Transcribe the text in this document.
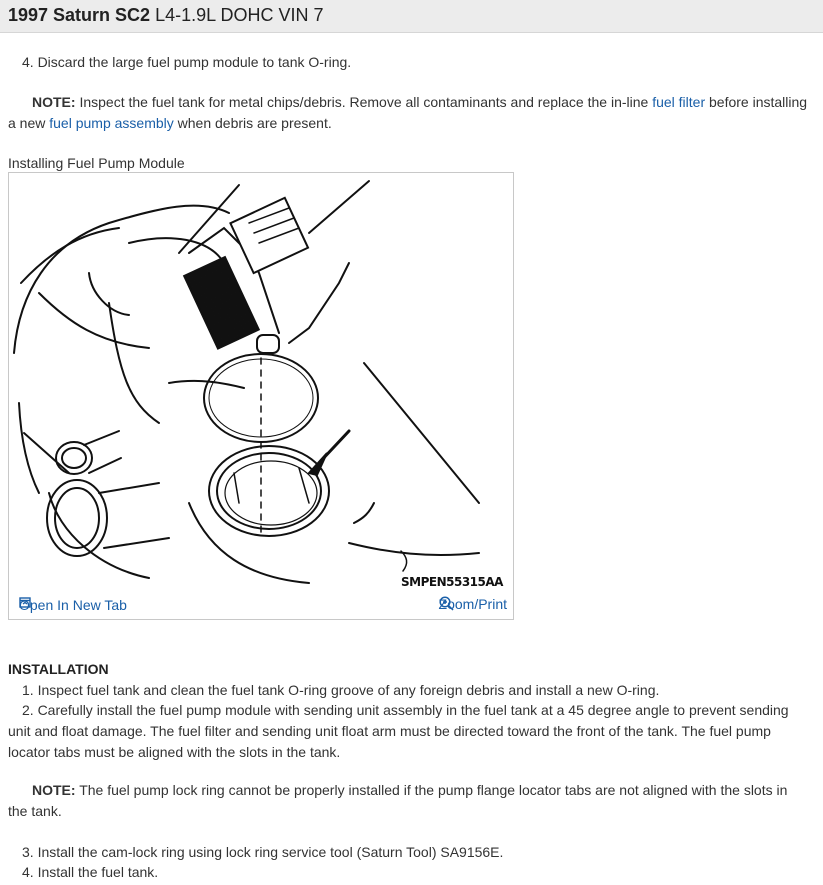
1997 Saturn SC2 L4-1.9L DOHC VIN 7

4. Discard the large fuel pump module to tank O-ring.

NOTE: Inspect the fuel tank for metal chips/debris. Remove all contaminants and replace the in-line fuel filter before installing a new fuel pump assembly when debris are present.

Installing Fuel Pump Module

SMPEN55315AA
Open In New Tab	Zoom/Print

INSTALLATION

1. Inspect fuel tank and clean the fuel tank O-ring groove of any foreign debris and install a new O-ring.

2. Carefully install the fuel pump module with sending unit assembly in the fuel tank at a 45 degree angle to prevent sending unit and float damage. The fuel filter and sending unit float arm must be directed toward the front of the tank. The fuel pump locator tabs must be aligned with the slots in the tank.

NOTE: The fuel pump lock ring cannot be properly installed if the pump flange locator tabs are not aligned with the slots in the tank.

3. Install the cam-lock ring using lock ring service tool (Saturn Tool) SA9156E.

4. Install the fuel tank.
